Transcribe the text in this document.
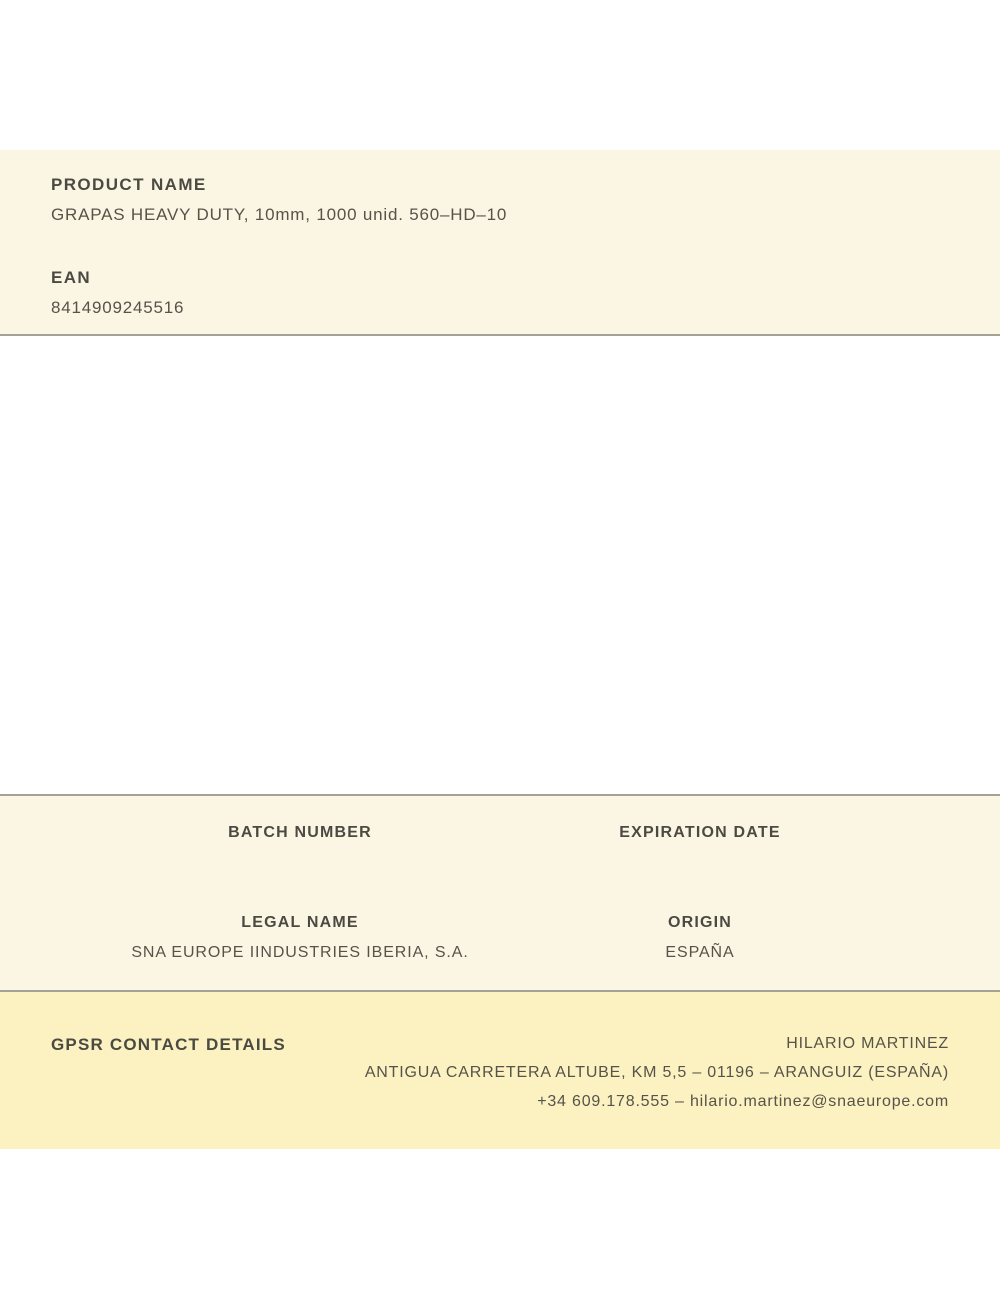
PRODUCT NAME
GRAPAS HEAVY DUTY, 10mm, 1000 unid. 560–HD–10
EAN
8414909245516
BATCH NUMBER	EXPIRATION DATE
LEGAL NAME
SNA EUROPE IINDUSTRIES IBERIA, S.A.
ORIGIN
ESPAÑA
GPSR CONTACT DETAILS	HILARIO MARTINEZ
ANTIGUA CARRETERA ALTUBE, KM 5,5 – 01196 – ARANGUIZ (ESPAÑA)
+34 609.178.555 – hilario.martinez@snaeurope.com
